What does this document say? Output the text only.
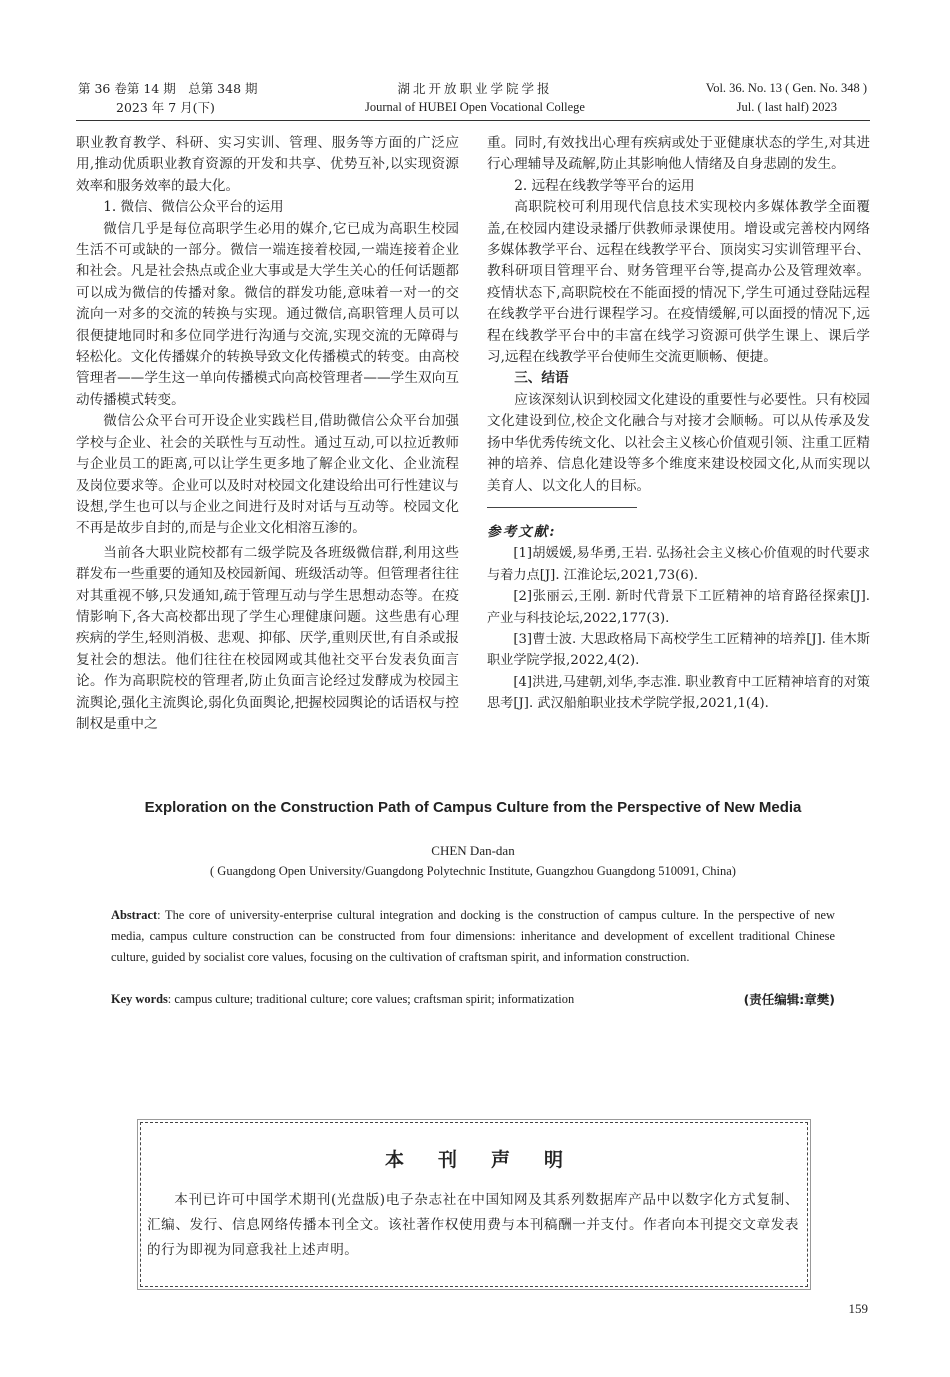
第 36 卷第 14 期　总第 348 期
2023 年 7 月(下)
湖北开放职业学院学报
Journal of HUBEI Open Vocational College
Vol. 36. No. 13 ( Gen. No. 348 )
Jul. ( last half) 2023

职业教育教学、科研、实习实训、管理、服务等方面的广泛应用,推动优质职业教育资源的开发和共享、优势互补,以实现资源效率和服务效率的最大化。

1. 微信、微信公众平台的运用

微信几乎是每位高职学生必用的媒介,它已成为高职生校园生活不可或缺的一部分。微信一端连接着校园,一端连接着企业和社会。凡是社会热点或企业大事或是大学生关心的任何话题都可以成为微信的传播对象。微信的群发功能,意味着一对一的交流向一对多的交流的转换与实现。通过微信,高职管理人员可以很便捷地同时和多位同学进行沟通与交流,实现交流的无障碍与轻松化。文化传播媒介的转换导致文化传播模式的转变。由高校管理者——学生这一单向传播模式向高校管理者——学生双向互动传播模式转变。

微信公众平台可开设企业实践栏目,借助微信公众平台加强学校与企业、社会的关联性与互动性。通过互动,可以拉近教师与企业员工的距离,可以让学生更多地了解企业文化、企业流程及岗位要求等。企业可以及时对校园文化建设给出可行性建议与设想,学生也可以与企业之间进行及时对话与互动等。校园文化不再是故步自封的,而是与企业文化相溶互渗的。

当前各大职业院校都有二级学院及各班级微信群,利用这些群发布一些重要的通知及校园新闻、班级活动等。但管理者往往对其重视不够,只发通知,疏于管理互动与学生思想动态等。在疫情影响下,各大高校都出现了学生心理健康问题。这些患有心理疾病的学生,轻则消极、悲观、抑郁、厌学,重则厌世,有自杀或报复社会的想法。他们往往在校园网或其他社交平台发表负面言论。作为高职院校的管理者,防止负面言论经过发酵成为校园主流舆论,强化主流舆论,弱化负面舆论,把握校园舆论的话语权与控制权是重中之

重。同时,有效找出心理有疾病或处于亚健康状态的学生,对其进行心理辅导及疏解,防止其影响他人情绪及自身悲剧的发生。

2. 远程在线教学等平台的运用

高职院校可利用现代信息技术实现校内多媒体教学全面覆盖,在校园内建设录播厅供教师录课使用。增设或完善校内网络多媒体教学平台、远程在线教学平台、顶岗实习实训管理平台、教科研项目管理平台、财务管理平台等,提高办公及管理效率。疫情状态下,高职院校在不能面授的情况下,学生可通过登陆远程在线教学平台进行课程学习。在疫情缓解,可以面授的情况下,远程在线教学平台中的丰富在线学习资源可供学生课上、课后学习,远程在线教学平台使师生交流更顺畅、便捷。

三、结语

应该深刻认识到校园文化建设的重要性与必要性。只有校园文化建设到位,校企文化融合与对接才会顺畅。可以从传承及发扬中华优秀传统文化、以社会主义核心价值观引领、注重工匠精神的培养、信息化建设等多个维度来建设校园文化,从而实现以美育人、以文化人的目标。

参考文献:

[1]胡媛媛,易华勇,王岩. 弘扬社会主义核心价值观的时代要求与着力点[J]. 江淮论坛,2021,73(6).

[2]张丽云,王刚. 新时代背景下工匠精神的培育路径探索[J]. 产业与科技论坛,2022,177(3).

[3]曹士波. 大思政格局下高校学生工匠精神的培养[J]. 佳木斯职业学院学报,2022,4(2).

[4]洪进,马建朝,刘华,李志淮. 职业教育中工匠精神培育的对策思考[J]. 武汉船舶职业技术学院学报,2021,1(4).

Exploration on the Construction Path of Campus Culture from the Perspective of New Media
CHEN Dan-dan
( Guangdong Open University/Guangdong Polytechnic Institute, Guangzhou Guangdong 510091, China)
Abstract: The core of university-enterprise cultural integration and docking is the construction of campus culture. In the perspective of new media, campus culture construction can be constructed from four dimensions: inheritance and development of excellent traditional Chinese culture, guided by socialist core values, focusing on the cultivation of craftsman spirit, and information construction.
Key words: campus culture; traditional culture; core values; craftsman spirit; informatization	(责任编辑:章樊)
本刊声明
本刊已许可中国学术期刊(光盘版)电子杂志社在中国知网及其系列数据库产品中以数字化方式复制、汇编、发行、信息网络传播本刊全文。该社著作权使用费与本刊稿酬一并支付。作者向本刊提交文章发表的行为即视为同意我社上述声明。
159
